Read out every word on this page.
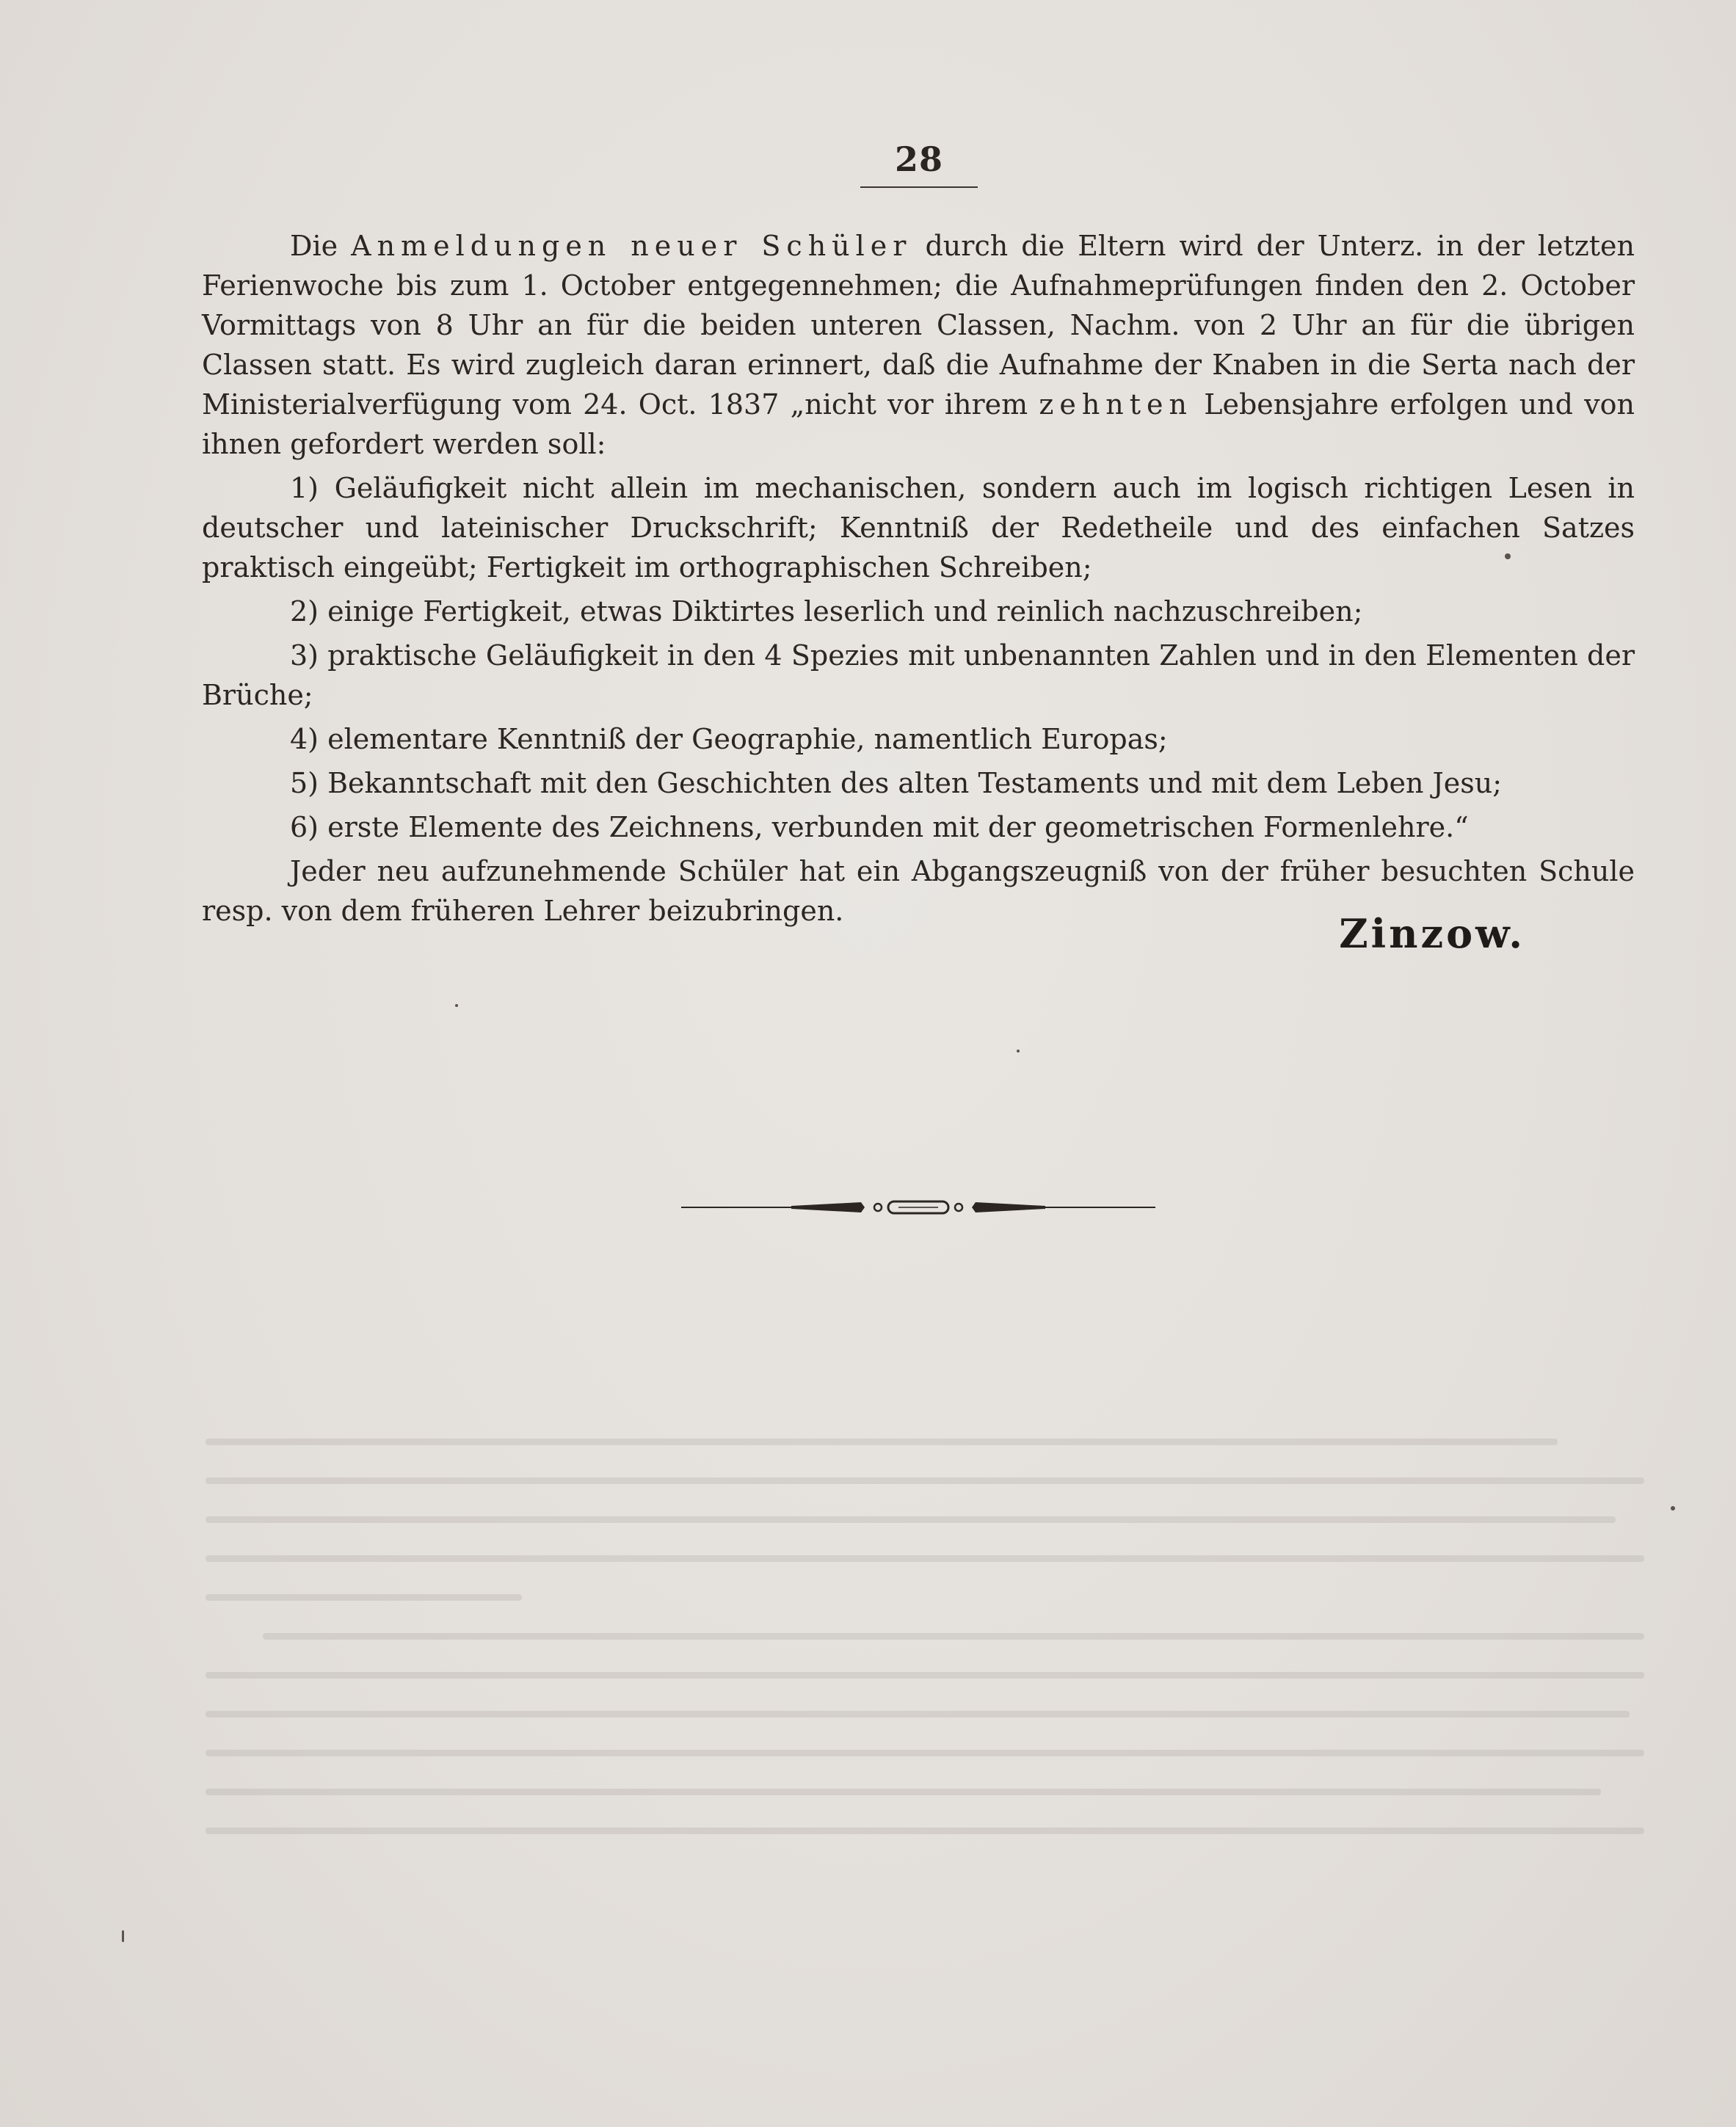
28

Die Anmeldungen neuer Schüler durch die Eltern wird der Unterz. in der letzten Ferienwoche bis zum 1. October entgegennehmen; die Aufnahmeprüfungen finden den 2. October Vormittags von 8 Uhr an für die beiden unteren Classen, Nachm. von 2 Uhr an für die übrigen Classen statt. Es wird zugleich daran erinnert, daß die Aufnahme der Knaben in die Serta nach der Ministerialverfügung vom 24. Oct. 1837 „nicht vor ihrem zehnten Lebensjahre erfolgen und von ihnen gefordert werden soll:

1) Geläufigkeit nicht allein im mechanischen, sondern auch im logisch richtigen Lesen in deutscher und lateinischer Druckschrift; Kenntniß der Redetheile und des einfachen Satzes praktisch eingeübt; Fertigkeit im orthographischen Schreiben;
2) einige Fertigkeit, etwas Diktirtes leserlich und reinlich nachzuschreiben;
3) praktische Geläufigkeit in den 4 Spezies mit unbenannten Zahlen und in den Elementen der Brüche;
4) elementare Kenntniß der Geographie, namentlich Europas;
5) Bekanntschaft mit den Geschichten des alten Testaments und mit dem Leben Jesu;
6) erste Elemente des Zeichnens, verbunden mit der geometrischen Formenlehre.“

Jeder neu aufzunehmende Schüler hat ein Abgangszeugniß von der früher besuchten Schule resp. von dem früheren Lehrer beizubringen.	Zinzow.
